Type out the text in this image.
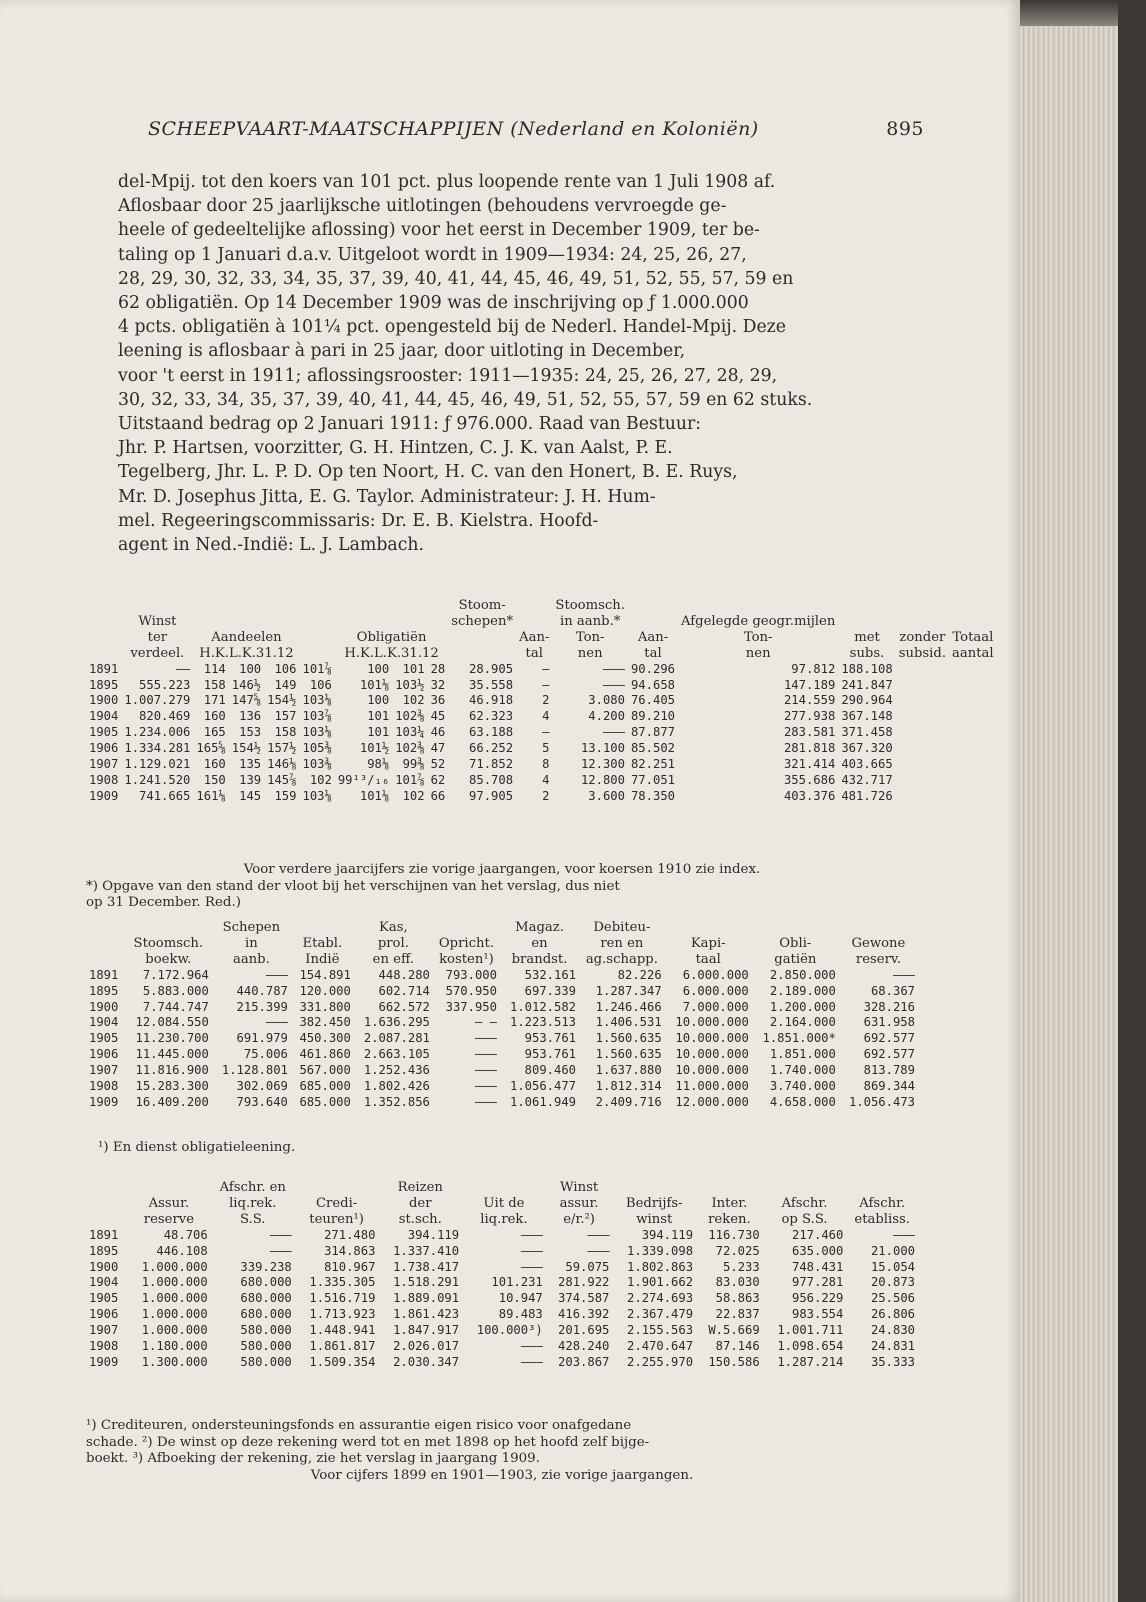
SCHEEPVAART-MAATSCHAPPIJEN (Nederland en Koloniën)	895
del-Mpij. tot den koers van 101 pct. plus loopende rente van 1 Juli 1908 af.
Aflosbaar door 25 jaarlijksche uitlotingen (behoudens vervroegde ge-
heele of gedeeltelijke aflossing) voor het eerst in December 1909, ter be-
taling op 1 Januari d.a.v. Uitgeloot wordt in 1909—1934: 24, 25, 26, 27,
28, 29, 30, 32, 33, 34, 35, 37, 39, 40, 41, 44, 45, 46, 49, 51, 52, 55, 57, 59 en
62 obligatiën. Op 14 December 1909 was de inschrijving op ƒ 1.000.000
4 pcts. obligatiën à 101¼ pct. opengesteld bij de Nederl. Handel-Mpij. Deze
leening is aflosbaar à pari in 25 jaar, door uitloting in December,
voor 't eerst in 1911; aflossingsrooster: 1911—1935: 24, 25, 26, 27, 28, 29,
30, 32, 33, 34, 35, 37, 39, 40, 41, 44, 45, 46, 49, 51, 52, 55, 57, 59 en 62 stuks.
Uitstaand bedrag op 2 Januari 1911: ƒ 976.000. Raad van Bestuur:
Jhr. P. Hartsen, voorzitter, G. H. Hintzen, C. J. K. van Aalst, P. E.
Tegelberg, Jhr. L. P. D. Op ten Noort, H. C. van den Honert, B. E. Ruys,
Mr. D. Josephus Jitta, E. G. Taylor. Administrateur: J. H. Hum-
mel. Regeeringscommissaris: Dr. E. B. Kielstra. Hoofd-
agent in Ned.-Indië: L. J. Lambach.
									Stoom-		Stoomsch.					
	Winst								schepen*		in aanb.*		Afgelegde geogr.mijlen			
	ter	Aandeelen				Obligatiën				Aan-	Ton-	Aan-	Ton-	met	zonder	Totaal
	verdeel.	H.K.L.K.31.12				H.K.L.K.31.12				tal	nen	tal	nen	subs.	subsid.	aantal
1891	——	114	100	106	101⅞	100	101	28	28.905	—	———	90.296	97.812	188.108		
1895	555.223	158	146½	149	106	101⅛	103½	32	35.558	—	———	94.658	147.189	241.847		
1900	1.007.279	171	147⅝	154½	103⅛	100	102	36	46.918	2	3.080	76.405	214.559	290.964		
1904	820.469	160	136	157	103⅞	101	102⅜	45	62.323	4	4.200	89.210	277.938	367.148		
1905	1.234.006	165	153	158	103⅛	101	103¼	46	63.188	—	———	87.877	283.581	371.458		
1906	1.334.281	165⅝	154½	157½	105⅜	101½	102⅜	47	66.252	5	13.100	85.502	281.818	367.320		
1907	1.129.021	160	135	146⅛	103⅜	98⅛	99⅜	52	71.852	8	12.300	82.251	321.414	403.665		
1908	1.241.520	150	139	145⅞	102	99¹³/₁₆	101⅞	62	85.708	4	12.800	77.051	355.686	432.717		
1909	741.665	161⅛	145	159	103⅛	101⅛	102	66	97.905	2	3.600	78.350	403.376	481.726		
Voor verdere jaarcijfers zie vorige jaargangen, voor koersen 1910 zie index.
*) Opgave van den stand der vloot bij het verschijnen van het verslag, dus niet
op 31 December. Red.)
		Schepen		Kas,		Magaz.	Debiteu-			
	Stoomsch.	in	Etabl.	prol.	Opricht.	en	ren en	Kapi-	Obli-	Gewone
	boekw.	aanb.	Indië	en eff.	kosten¹)	brandst.	ag.schapp.	taal	gatiën	reserv.
1891	7.172.964	———	154.891	448.280	793.000	532.161	82.226	6.000.000	2.850.000	———
1895	5.883.000	440.787	120.000	602.714	570.950	697.339	1.287.347	6.000.000	2.189.000	68.367
1900	7.744.747	215.399	331.800	662.572	337.950	1.012.582	1.246.466	7.000.000	1.200.000	328.216
1904	12.084.550	———	382.450	1.636.295	— —	1.223.513	1.406.531	10.000.000	2.164.000	631.958
1905	11.230.700	691.979	450.300	2.087.281	———	953.761	1.560.635	10.000.000	1.851.000*	692.577
1906	11.445.000	75.006	461.860	2.663.105	———	953.761	1.560.635	10.000.000	1.851.000	692.577
1907	11.816.900	1.128.801	567.000	1.252.436	———	809.460	1.637.880	10.000.000	1.740.000	813.789
1908	15.283.300	302.069	685.000	1.802.426	———	1.056.477	1.812.314	11.000.000	3.740.000	869.344
1909	16.409.200	793.640	685.000	1.352.856	———	1.061.949	2.409.716	12.000.000	4.658.000	1.056.473
¹) En dienst obligatieleening.
		Afschr. en		Reizen		Winst				
	Assur.	liq.rek.	Credi-	der	Uit de	assur.	Bedrijfs-	Inter.	Afschr.	Afschr.
	reserve	S.S.	teuren¹)	st.sch.	liq.rek.	e/r.²)	winst	reken.	op S.S.	etabliss.
1891	48.706	———	271.480	394.119	———	———	394.119	116.730	217.460	———
1895	446.108	———	314.863	1.337.410	———	———	1.339.098	72.025	635.000	21.000
1900	1.000.000	339.238	810.967	1.738.417	———	59.075	1.802.863	5.233	748.431	15.054
1904	1.000.000	680.000	1.335.305	1.518.291	101.231	281.922	1.901.662	83.030	977.281	20.873
1905	1.000.000	680.000	1.516.719	1.889.091	10.947	374.587	2.274.693	58.863	956.229	25.506
1906	1.000.000	680.000	1.713.923	1.861.423	89.483	416.392	2.367.479	22.837	983.554	26.806
1907	1.000.000	580.000	1.448.941	1.847.917	100.000³)	201.695	2.155.563	W.5.669	1.001.711	24.830
1908	1.180.000	580.000	1.861.817	2.026.017	———	428.240	2.470.647	87.146	1.098.654	24.831
1909	1.300.000	580.000	1.509.354	2.030.347	———	203.867	2.255.970	150.586	1.287.214	35.333
¹) Crediteuren, ondersteuningsfonds en assurantie eigen risico voor onafgedane
schade. ²) De winst op deze rekening werd tot en met 1898 op het hoofd zelf bijge-
boekt. ³) Afboeking der rekening, zie het verslag in jaargang 1909.
Voor cijfers 1899 en 1901—1903, zie vorige jaargangen.
